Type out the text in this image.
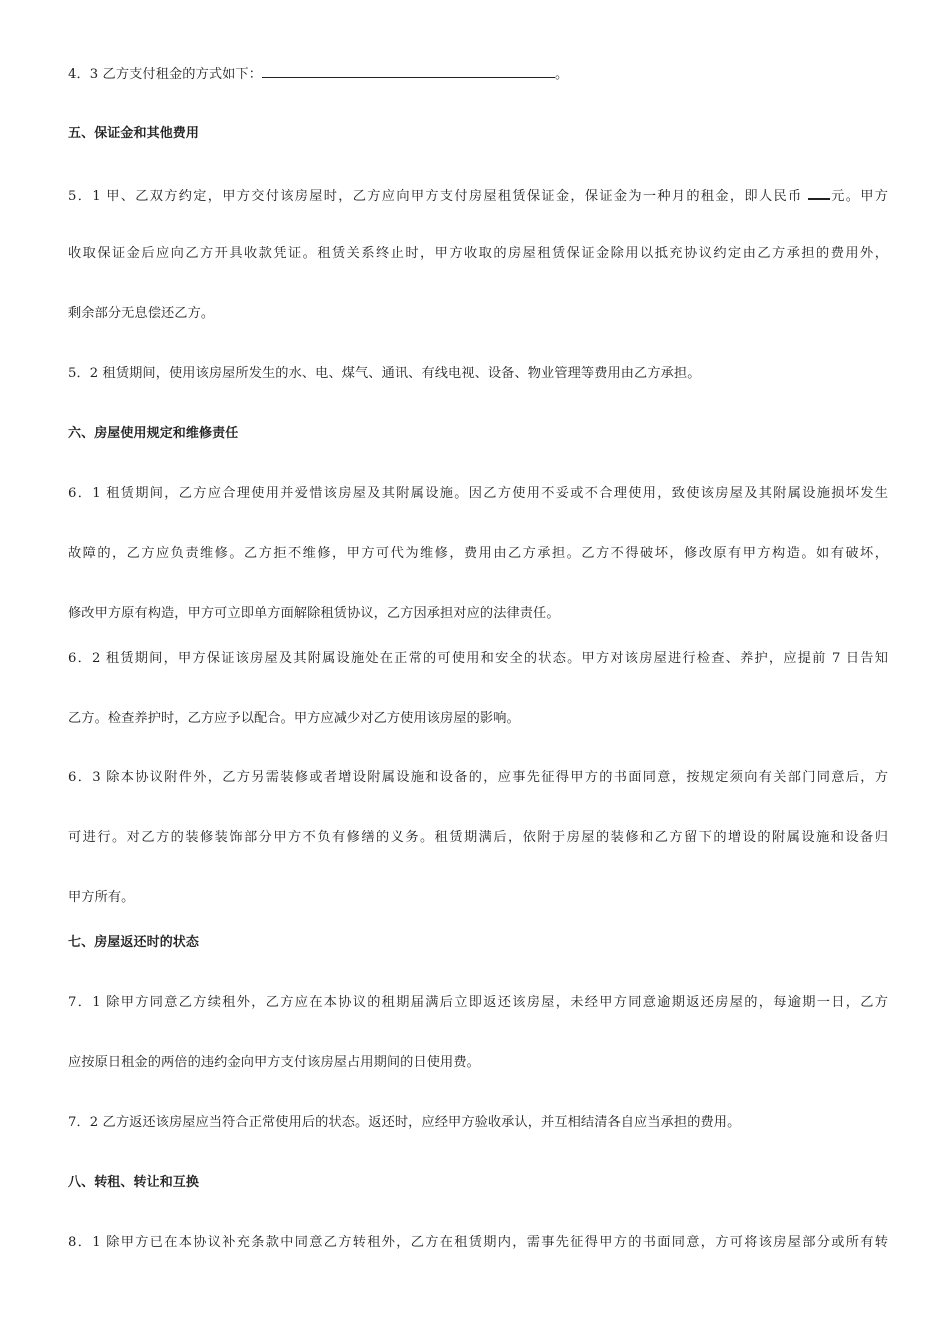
4．3 乙方支付租金的方式如下：	。
五、保证金和其他费用
5．1 甲、乙双方约定，甲方交付该房屋时，乙方应向甲方支付房屋租赁保证金，保证金为一种月的租金，即人民币 元。甲方
收取保证金后应向乙方开具收款凭证。租赁关系终止时，甲方收取的房屋租赁保证金除用以抵充协议约定由乙方承担的费用外，
剩余部分无息偿还乙方。
5．2 租赁期间，使用该房屋所发生的水、电、煤气、通讯、有线电视、设备、物业管理等费用由乙方承担。
六、房屋使用规定和维修责任
6．1 租赁期间，乙方应合理使用并爱惜该房屋及其附属设施。因乙方使用不妥或不合理使用，致使该房屋及其附属设施损坏发生
故障的，乙方应负责维修。乙方拒不维修，甲方可代为维修，费用由乙方承担。乙方不得破坏，修改原有甲方构造。如有破坏，
修改甲方原有构造，甲方可立即单方面解除租赁协议，乙方因承担对应的法律责任。
6．2 租赁期间，甲方保证该房屋及其附属设施处在正常的可使用和安全的状态。甲方对该房屋进行检查、养护，应提前 7 日告知
乙方。检查养护时，乙方应予以配合。甲方应减少对乙方使用该房屋的影响。
6．3 除本协议附件外，乙方另需装修或者增设附属设施和设备的，应事先征得甲方的书面同意，按规定须向有关部门同意后，方
可进行。对乙方的装修装饰部分甲方不负有修缮的义务。租赁期满后，依附于房屋的装修和乙方留下的增设的附属设施和设备归
甲方所有。
七、房屋返还时的状态
7．1 除甲方同意乙方续租外，乙方应在本协议的租期届满后立即返还该房屋，未经甲方同意逾期返还房屋的，每逾期一日，乙方
应按原日租金的两倍的违约金向甲方支付该房屋占用期间的日使用费。
7．2 乙方返还该房屋应当符合正常使用后的状态。返还时，应经甲方验收承认，并互相结清各自应当承担的费用。
八、转租、转让和互换
8．1 除甲方已在本协议补充条款中同意乙方转租外，乙方在租赁期内，需事先征得甲方的书面同意，方可将该房屋部分或所有转
